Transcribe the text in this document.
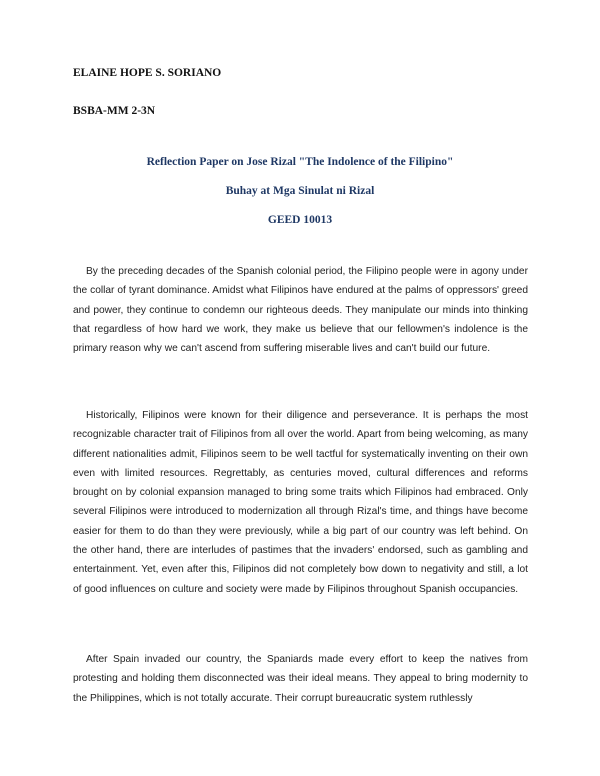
ELAINE HOPE S. SORIANO

BSBA-MM 2-3N

Reflection Paper on Jose Rizal "The Indolence of the Filipino"

Buhay at Mga Sinulat ni Rizal

GEED 10013

By the preceding decades of the Spanish colonial period, the Filipino people were in agony under the collar of tyrant dominance. Amidst what Filipinos have endured at the palms of oppressors' greed and power, they continue to condemn our righteous deeds. They manipulate our minds into thinking that regardless of how hard we work, they make us believe that our fellowmen's indolence is the primary reason why we can't ascend from suffering miserable lives and can't build our future.

Historically, Filipinos were known for their diligence and perseverance. It is perhaps the most recognizable character trait of Filipinos from all over the world. Apart from being welcoming, as many different nationalities admit, Filipinos seem to be well tactful for systematically inventing on their own even with limited resources. Regrettably, as centuries moved, cultural differences and reforms brought on by colonial expansion managed to bring some traits which Filipinos had embraced. Only several Filipinos were introduced to modernization all through Rizal's time, and things have become easier for them to do than they were previously, while a big part of our country was left behind. On the other hand, there are interludes of pastimes that the invaders' endorsed, such as gambling and entertainment. Yet, even after this, Filipinos did not completely bow down to negativity and still, a lot of good influences on culture and society were made by Filipinos throughout Spanish occupancies.

After Spain invaded our country, the Spaniards made every effort to keep the natives from protesting and holding them disconnected was their ideal means. They appeal to bring modernity to the Philippines, which is not totally accurate. Their corrupt bureaucratic system ruthlessly
